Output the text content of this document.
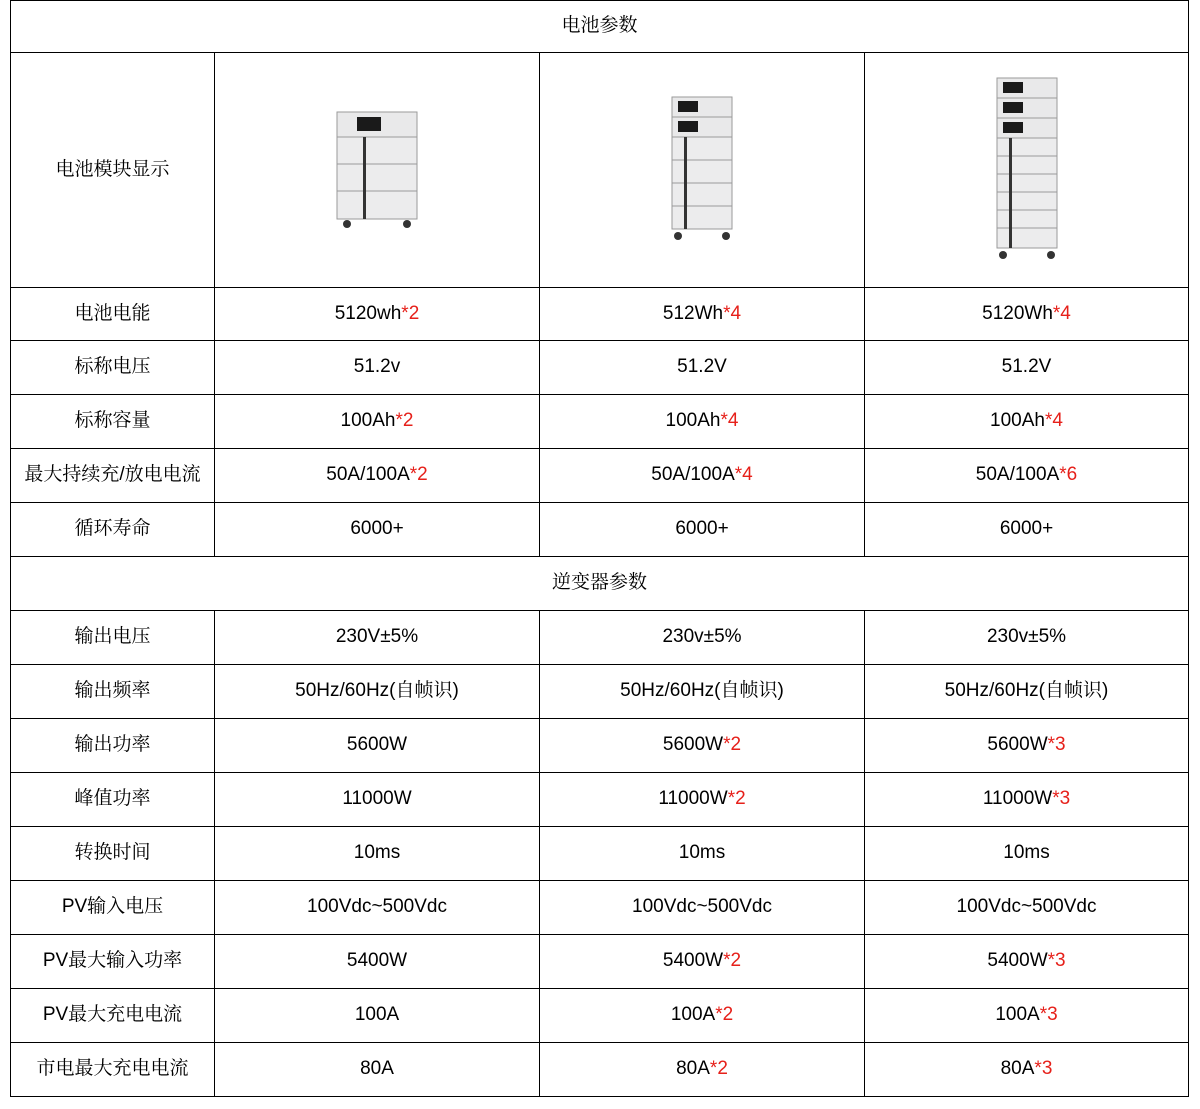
电池参数			
电池模块显示	

电池电能	5120wh*2	512Wh*4	5120Wh*4
标称电压	51.2v	51.2V	51.2V
标称容量	100Ah*2	100Ah*4	100Ah*4
最大持续充/放电电流	50A/100A*2	50A/100A*4	50A/100A*6
循环寿命	6000+	6000+	6000+
逆变器参数			
输出电压	230V±5%	230v±5%	230v±5%
输出频率	50Hz/60Hz(自帧识)	50Hz/60Hz(自帧识)	50Hz/60Hz(自帧识)
输出功率	5600W	5600W*2	5600W*3
峰值功率	11000W	11000W*2	11000W*3
转换时间	10ms	10ms	10ms
PV输入电压	100Vdc~500Vdc	100Vdc~500Vdc	100Vdc~500Vdc
PV最大输入功率	5400W	5400W*2	5400W*3
PV最大充电电流	100A	100A*2	100A*3
市电最大充电电流	80A	80A*2	80A*3
